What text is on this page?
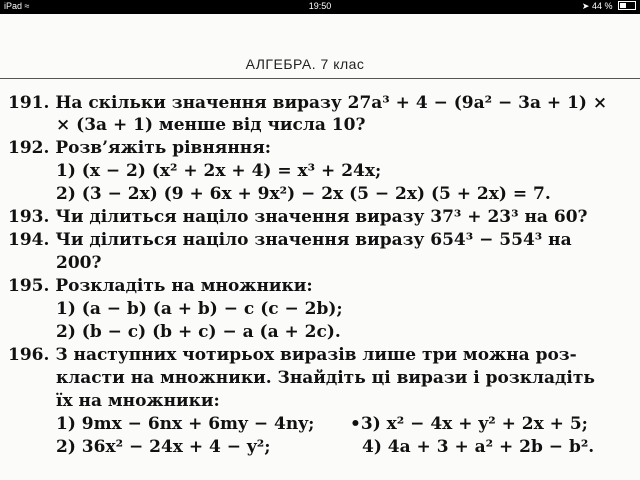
iPad ≈	19:50	➤ 44 %
АЛГЕБРА. 7 клас
191. На скільки значення виразу 27a³ + 4 − (9a² − 3a + 1) ×
× (3a + 1) менше від числа 10?
192. Розв’яжіть рівняння:
1) (x − 2) (x² + 2x + 4) = x³ + 24x;
2) (3 − 2x) (9 + 6x + 9x²) − 2x (5 − 2x) (5 + 2x) = 7.
193. Чи ділиться націло значення виразу 37³ + 23³ на 60?
194. Чи ділиться націло значення виразу 654³ − 554³ на
200?
195. Розкладіть на множники:
1) (a − b) (a + b) − c (c − 2b);
2) (b − c) (b + c) − a (a + 2c).
196. З наступних чотирьох виразів лише три можна роз-
класти на множники. Знайдіть ці вирази і розкладіть
їх на множники:
1) 9mx − 6nx + 6my − 4ny; •3) x² − 4x + y² + 2x + 5;
2) 36x² − 24x + 4 − y²;	4) 4a + 3 + a² + 2b − b².
